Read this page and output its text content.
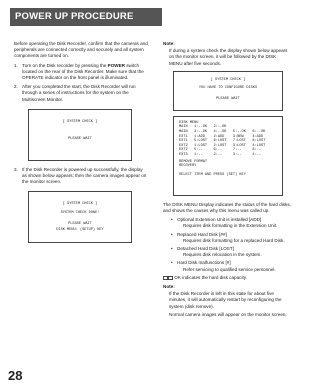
POWER UP PROCEDURE

Before operating the Disk Recorder, confirm that the cameras and peripherals are connected correctly and securely and all system components are turned on.

1. Turn on the Disk recorder by pressing the POWER switch located on the rear of the Disk Recorder. Make sure that the OPERATE indicator on the front panel is illuminated.
2. After you completed the start, the Disk Recorder will run through a series of instructions for the system on the Multiscreen Monitor.
[ SYSTEM CHECK ]
PLEASE WAIT
3. If the Disk Recorder is powered up successfully, the display as shown below appears; then the camera images appear on the monitor screen.
[ SYSTEM CHECK ]
SYSTEM CHECK DONE!
PLEASE WAIT
DISK MENU: (SETUP) KEY
Note:

If during a system check the display shown below appears on the monitor screen, it will be followed by the DISK MENU after five seconds.

[ SYSTEM CHECK ]
YOU HAVE TO CONFIGURE DISKS
PLEASE WAIT
DISK MENU
MAIN   1:--OK   2:--OK
MAIN   3:--OK   4:--OK   5:--OK   6:--OK
EXT1   1:ADD    2:ADD    3:NEW    4:ADD
EXT1   5:LOST   6:LOST   7:LOST   8:LOST
EXT2   1:LOST   2:LOST   3:LOST   4:LOST
EXT2   5:--     6:--     7:--     8:--
EXT3   1:--     2:--     3:--     4:--
REMOVE FORMAT
RECOVERY
SELECT ITEM AND PRESS (SET) KEY

The DISK MENU Display indicates the status of the hard disks, and shows the causes why this menu was called up.

• Optional Extension Unit is installed [ADD]
Requires disk formatting in the Extension Unit.
• Replaced Hard Disk [##]
Requires disk formatting for a replaced Hard Disk.
• Detached Hard Disk [LOST]
Requires disk relocation in the system.
• Hard Disk malfunctions [#]
Refer servicing to qualified service personnel.

OK indicates the hard disk capacity.

Note:

If the Disk Recorder is left in this state for about five minutes, it will automatically restart by reconfiguring the system (disk remove).

Normal camera images will appear on the monitor screen.

28
